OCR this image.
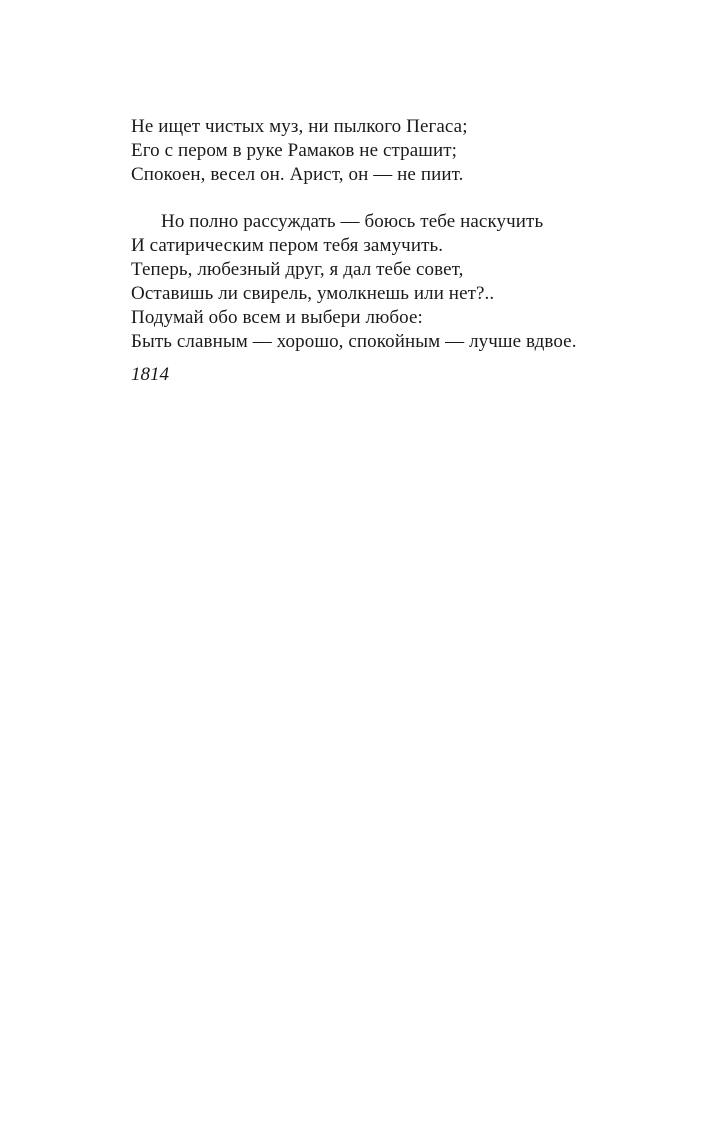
Не ищет чистых муз, ни пылкого Пегаса;
Его с пером в руке Рамаков не страшит;
Спокоен, весел он. Арист, он — не пиит.

Но полно рассуждать — боюсь тебе наскучить
И сатирическим пером тебя замучить.
Теперь, любезный друг, я дал тебе совет,
Оставишь ли свирель, умолкнешь или нет?..
Подумай обо всем и выбери любое:
Быть славным — хорошо, спокойным — лучше вдвое.

1814
